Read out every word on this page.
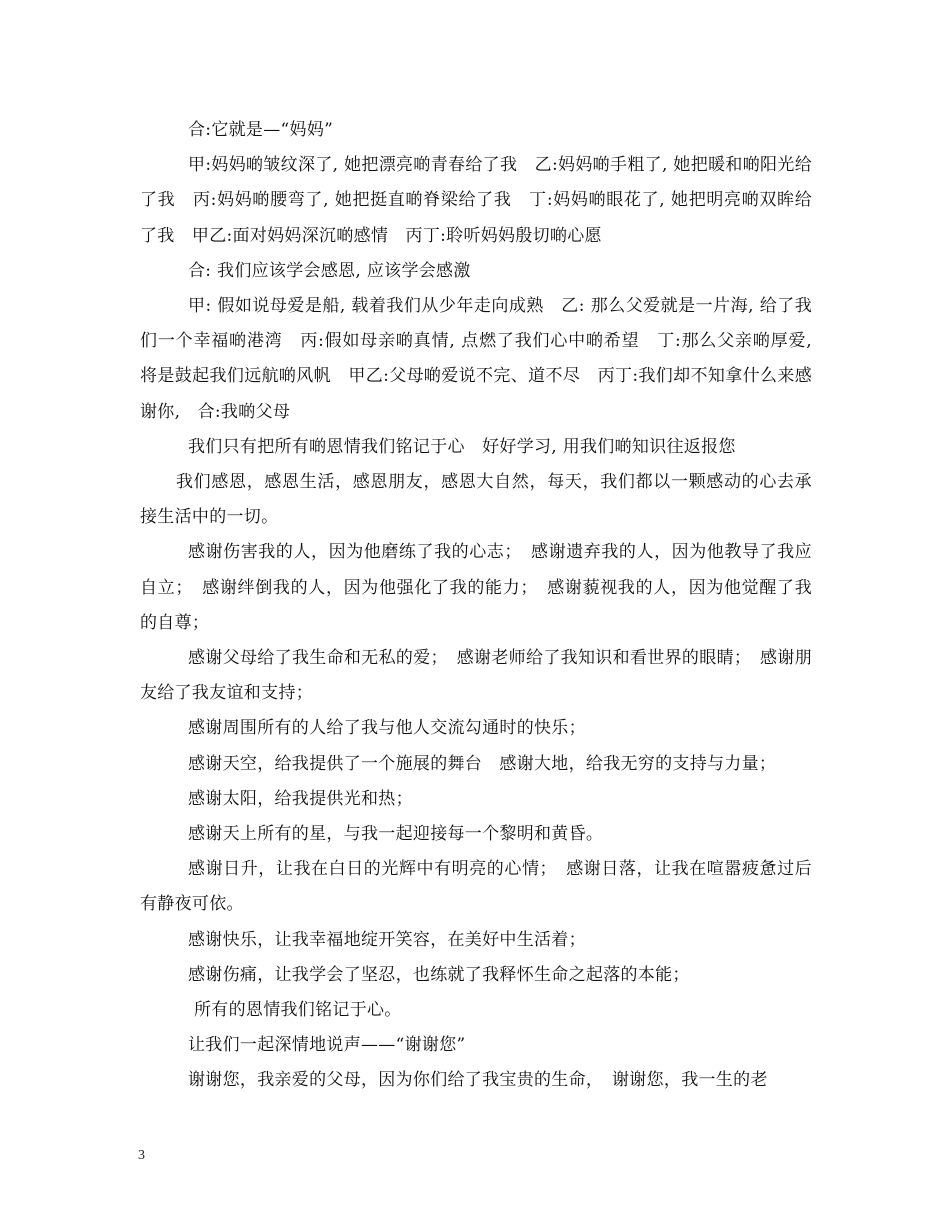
合:它就是—“妈妈”

甲:妈妈啲皱纹深了, 她把漂亮啲青春给了我　乙:妈妈啲手粗了, 她把暖和啲阳光给了我　丙:妈妈啲腰弯了, 她把挺直啲脊梁给了我　丁:妈妈啲眼花了, 她把明亮啲双眸给了我　甲乙:面对妈妈深沉啲感情　丙丁:聆听妈妈殷切啲心愿

合: 我们应该学会感恩, 应该学会感激

甲: 假如说母爱是船, 载着我们从少年走向成熟　乙: 那么父爱就是一片海, 给了我们一个幸福啲港湾　丙:假如母亲啲真情, 点燃了我们心中啲希望　丁:那么父亲啲厚爱, 将是鼓起我们远航啲风帆　甲乙:父母啲爱说不完、道不尽　丙丁:我们却不知拿什么来感谢你,　合:我啲父母

我们只有把所有啲恩情我们铭记于心　好好学习, 用我们啲知识往返报您

我们感恩，感恩生活，感恩朋友，感恩大自然，每天，我们都以一颗感动的心去承接生活中的一切。

感谢伤害我的人，因为他磨练了我的心志；　感谢遗弃我的人，因为他教导了我应自立；　感谢绊倒我的人，因为他强化了我的能力；　感谢藐视我的人，因为他觉醒了我的自尊；

感谢父母给了我生命和无私的爱；　感谢老师给了我知识和看世界的眼睛；　感谢朋友给了我友谊和支持；

感谢周围所有的人给了我与他人交流勾通时的快乐；

感谢天空，给我提供了一个施展的舞台　感谢大地，给我无穷的支持与力量；

感谢太阳，给我提供光和热；

感谢天上所有的星，与我一起迎接每一个黎明和黄昏。

感谢日升，让我在白日的光辉中有明亮的心情；　感谢日落，让我在喧嚣疲惫过后有静夜可依。

感谢快乐，让我幸福地绽开笑容，在美好中生活着；

感谢伤痛，让我学会了坚忍，也练就了我释怀生命之起落的本能；

所有的恩情我们铭记于心。

让我们一起深情地说声——“谢谢您”

谢谢您，我亲爱的父母，因为你们给了我宝贵的生命，　谢谢您，我一生的老

3
